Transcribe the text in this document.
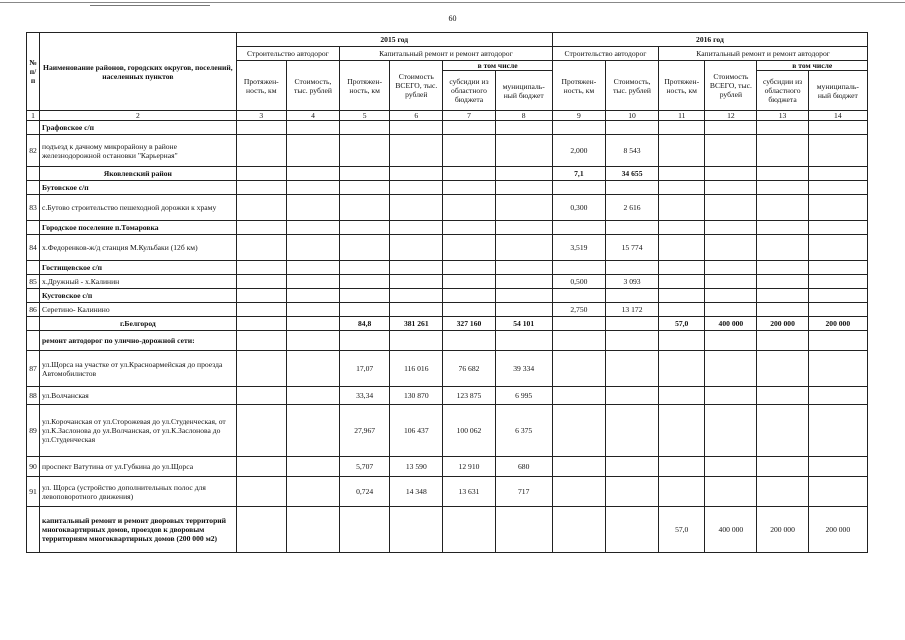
60
№ п/п	Наименование районов, городских округов, поселений, населенных пунктов	2015 год						2016 год					
		Строительство автодорог		Капитальный ремонт и ремонт автодорог				Строительство автодорог		Капитальный ремонт и ремонт автодорог			
		Протяжен-ность, км	Стоимость, тыс. рублей	Протяжен-ность, км	Стоимость ВСЕГО, тыс. рублей	в том числе		Протяжен-ность, км	Стоимость, тыс. рублей	Протяжен-ность, км	Стоимость ВСЕГО, тыс. рублей	в том числе	
						субсидии из областного бюджета	муниципаль-ный бюджет					субсидии из областного бюджета	муниципаль-ный бюджет
1	2	3	4	5	6	7	8	9	10	11	12	13	14
	Графовское с/п												
82	подъезд к дачному микрорайону в районе железнодорожной остановки "Карьерная"							2,000	8 543				
	Яковлевский район							7,1	34 655				
	Бутовское с/п												
83	с.Бутово строительство пешеходной дорожки к храму							0,300	2 616				
	Городское поселение п.Томаровка												
84	х.Федоренков-ж/д станция М.Кульбаки (12б км)							3,519	15 774				
	Гостищевское с/п												
85	х.Дружный - х.Калинин							0,500	3 093				
	Кустовское с/п												
86	Серетино- Калинино							2,750	13 172				
	г.Белгород			84,8	381 261	327 160	54 101			57,0	400 000	200 000	200 000
	ремонт автодорог по улично-дорожной сети:												
87	ул.Щорса на участке от ул.Красноармейская до проезда Автомобилистов			17,07	116 016	76 682	39 334						
88	ул.Волчанская			33,34	130 870	123 875	6 995						
89	ул.Корочанская от ул.Сторожевая до ул.Студенческая, от ул.К.Заслонова до ул.Волчанская, от ул.К.Заслонова до ул.Студенческая			27,967	106 437	100 062	6 375						
90	проспект Ватутина от ул.Губкина до ул.Щорса			5,707	13 590	12 910	680						
91	ул. Щорса (устройство дополнительных полос для левоповоротного движения)			0,724	14 348	13 631	717						
	капитальный ремонт и ремонт дворовых территорий многоквартирных домов, проездов к дворовым территориям многоквартирных домов (200 000 м2)									57,0	400 000	200 000	200 000
